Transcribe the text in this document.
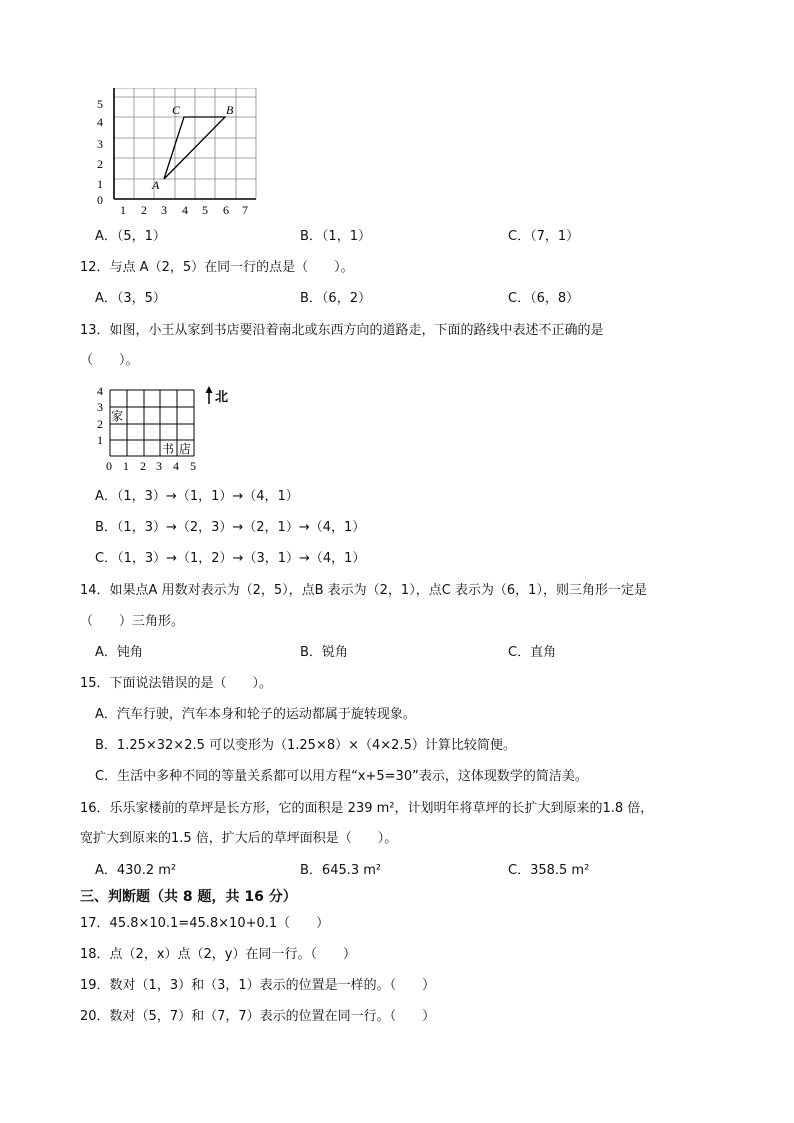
C	B
A
5
4
3
2
1
0
1 2 3 4 5 6 7
A．（5，1）	B．（1，1）	C．（7，1）
12．与点 A（2，5）在同一行的点是（　　）。
A．（3，5）	B．（6，2）	C．（6，8）
13．如图，小王从家到书店要沿着南北或东西方向的道路走，下面的路线中表述不正确的是
（　　）。
家
书 店
4
3
2
1
0 1 2 3 4 5
北
A．（1，3）→（1，1）→（4，1）
B．（1，3）→（2，3）→（2，1）→（4，1）
C．（1，3）→（1，2）→（3，1）→（4，1）
14．如果点A 用数对表示为（2，5），点B 表示为（2，1），点C 表示为（6，1），则三角形一定是
（　　）三角形。
A．钝角	B．锐角	C．直角
15．下面说法错误的是（　　）。
A．汽车行驶，汽车本身和轮子的运动都属于旋转现象。
B．1.25×32×2.5 可以变形为（1.25×8）×（4×2.5）计算比较简便。
C．生活中多种不同的等量关系都可以用方程“x+5=30”表示，这体现数学的简洁美。
16．乐乐家楼前的草坪是长方形，它的面积是 239 m²，计划明年将草坪的长扩大到原来的1.8 倍，
宽扩大到原来的1.5 倍，扩大后的草坪面积是（　　）。
A．430.2 m²	B．645.3 m²	C．358.5 m²
三、判断题（共 8 题，共 16 分）
17．45.8×10.1=45.8×10+0.1（　　）
18．点（2，x）点（2，y）在同一行。（　　）
19．数对（1，3）和（3，1）表示的位置是一样的。（　　）
20．数对（5，7）和（7，7）表示的位置在同一行。（　　）
